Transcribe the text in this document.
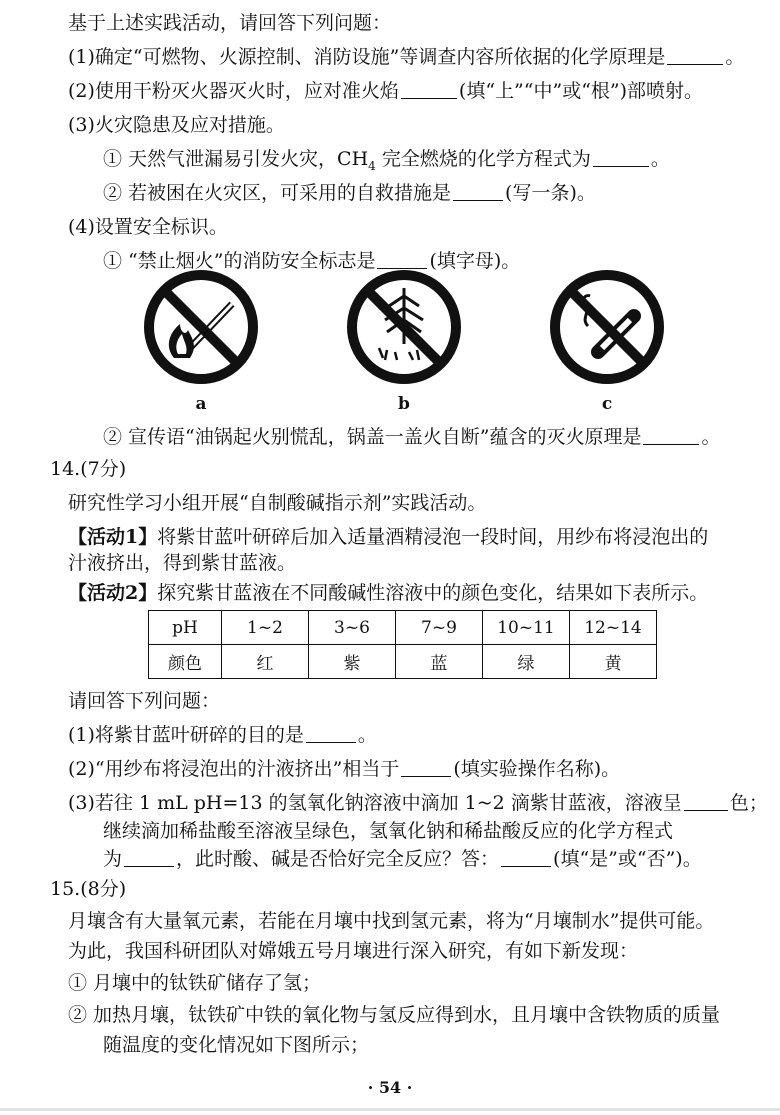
基于上述实践活动，请回答下列问题：
(1)确定“可燃物、火源控制、消防设施”等调查内容所依据的化学原理是	。
(2)使用干粉灭火器灭火时，应对准火焰	(填“上”“中”或“根”)部喷射。
(3)火灾隐患及应对措施。
① 天然气泄漏易引发火灾，$CH_4$ 完全燃烧的化学方程式为	。
② 若被困在火灾区，可采用的自救措施是	(写一条)。
(4)设置安全标识。
① “禁止烟火”的消防安全标志是	(填字母)。
a	b	c
② 宣传语“油锅起火别慌乱，锅盖一盖火自断”蕴含的灭火原理是	。
14.(7分)
研究性学习小组开展“自制酸碱指示剂”实践活动。
【活动1】将紫甘蓝叶研碎后加入适量酒精浸泡一段时间，用纱布将浸泡出的
汁液挤出，得到紫甘蓝液。
【活动2】探究紫甘蓝液在不同酸碱性溶液中的颜色变化，结果如下表所示。
pH	1~2	3~6	7~9	10~11	12~14
颜色	红	紫	蓝	绿	黄
请回答下列问题：
(1)将紫甘蓝叶研碎的目的是	。
(2)“用纱布将浸泡出的汁液挤出”相当于	(填实验操作名称)。
(3)若往 1 mL pH=13 的氢氧化钠溶液中滴加 1~2 滴紫甘蓝液，溶液呈	色；
继续滴加稀盐酸至溶液呈绿色，氢氧化钠和稀盐酸反应的化学方程式
为	，此时酸、碱是否恰好完全反应？答：	(填“是”或“否”)。
15.(8分)
月壤含有大量氧元素，若能在月壤中找到氢元素，将为“月壤制水”提供可能。
为此，我国科研团队对嫦娥五号月壤进行深入研究，有如下新发现：
① 月壤中的钛铁矿储存了氢；
② 加热月壤，钛铁矿中铁的氧化物与氢反应得到水，且月壤中含铁物质的质量
随温度的变化情况如下图所示；
· 54 ·
